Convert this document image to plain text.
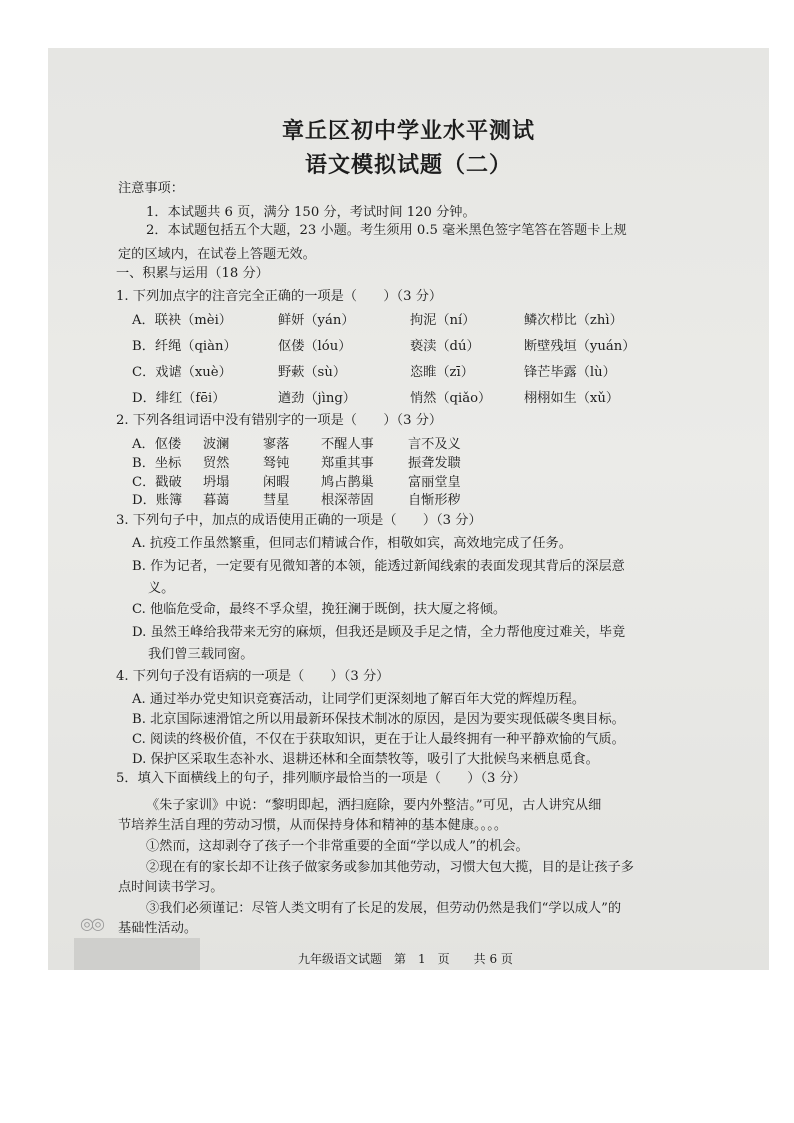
章丘区初中学业水平测试
语文模拟试题（二）
注意事项：
1．本试题共 6 页，满分 150 分，考试时间 120 分钟。
2．本试题包括五个大题，23 小题。考生须用 0.5 毫米黑色签字笔答在答题卡上规
定的区域内，在试卷上答题无效。
一、积累与运用（18 分）
1. 下列加点字的注音完全正确的一项是（　　）（3 分）
A．联袂（mèi）	鲜妍（yán）	拘泥（ní）	鳞次栉比（zhì）
B．纤绳（qiàn）	伛偻（lóu）	亵渎（dú）	断壁残垣（yuán）
C．戏谑（xuè）	野蔌（sù）	恣睢（zī）	锋芒毕露（lù）
D．绯红（fēi）	遒劲（jìng）	悄然（qiǎo） 栩栩如生（xǔ）
2. 下列各组词语中没有错别字的一项是（　　）（3 分）
A．伛偻 波澜	寥落 不醒人事	言不及义
B．坐标 贸然	驽钝 郑重其事	振聋发聩
C．戳破 坍塌	闲暇 鸠占鹊巢	富丽堂皇
D．账簿 暮蔼	彗星 根深蒂固	自惭形秽
3. 下列句子中，加点的成语使用正确的一项是（　　）（3 分）
A. 抗疫工作虽然繁重，但同志们精诚合作，相敬如宾，高效地完成了任务。
B. 作为记者，一定要有见微知著的本领，能透过新闻线索的表面发现其背后的深层意
义。
C. 他临危受命，最终不孚众望，挽狂澜于既倒，扶大厦之将倾。
D. 虽然王峰给我带来无穷的麻烦，但我还是顾及手足之情，全力帮他度过难关，毕竟
我们曾三载同窗。
4. 下列句子没有语病的一项是（　　）（3 分）
A. 通过举办党史知识竞赛活动，让同学们更深刻地了解百年大党的辉煌历程。
B. 北京国际速滑馆之所以用最新环保技术制冰的原因，是因为要实现低碳冬奥目标。
C. 阅读的终极价值，不仅在于获取知识，更在于让人最终拥有一种平静欢愉的气质。
D. 保护区采取生态补水、退耕还林和全面禁牧等，吸引了大批候鸟来栖息觅食。
5．填入下面横线上的句子，排列顺序最恰当的一项是（　　）（3 分）
《朱子家训》中说：“黎明即起，洒扫庭除，要内外整洁。”可见，古人讲究从细
节培养生活自理的劳动习惯，从而保持身体和精神的基本健康。。。。
①然而，这却剥夺了孩子一个非常重要的全面“学以成人”的机会。
②现在有的家长却不让孩子做家务或参加其他劳动，习惯大包大揽，目的是让孩子多
点时间读书学习。
③我们必须谨记：尽管人类文明有了长足的发展，但劳动仍然是我们“学以成人”的
基础性活动。
◎◎
九年级语文试题　第　1　页　　共 6 页
